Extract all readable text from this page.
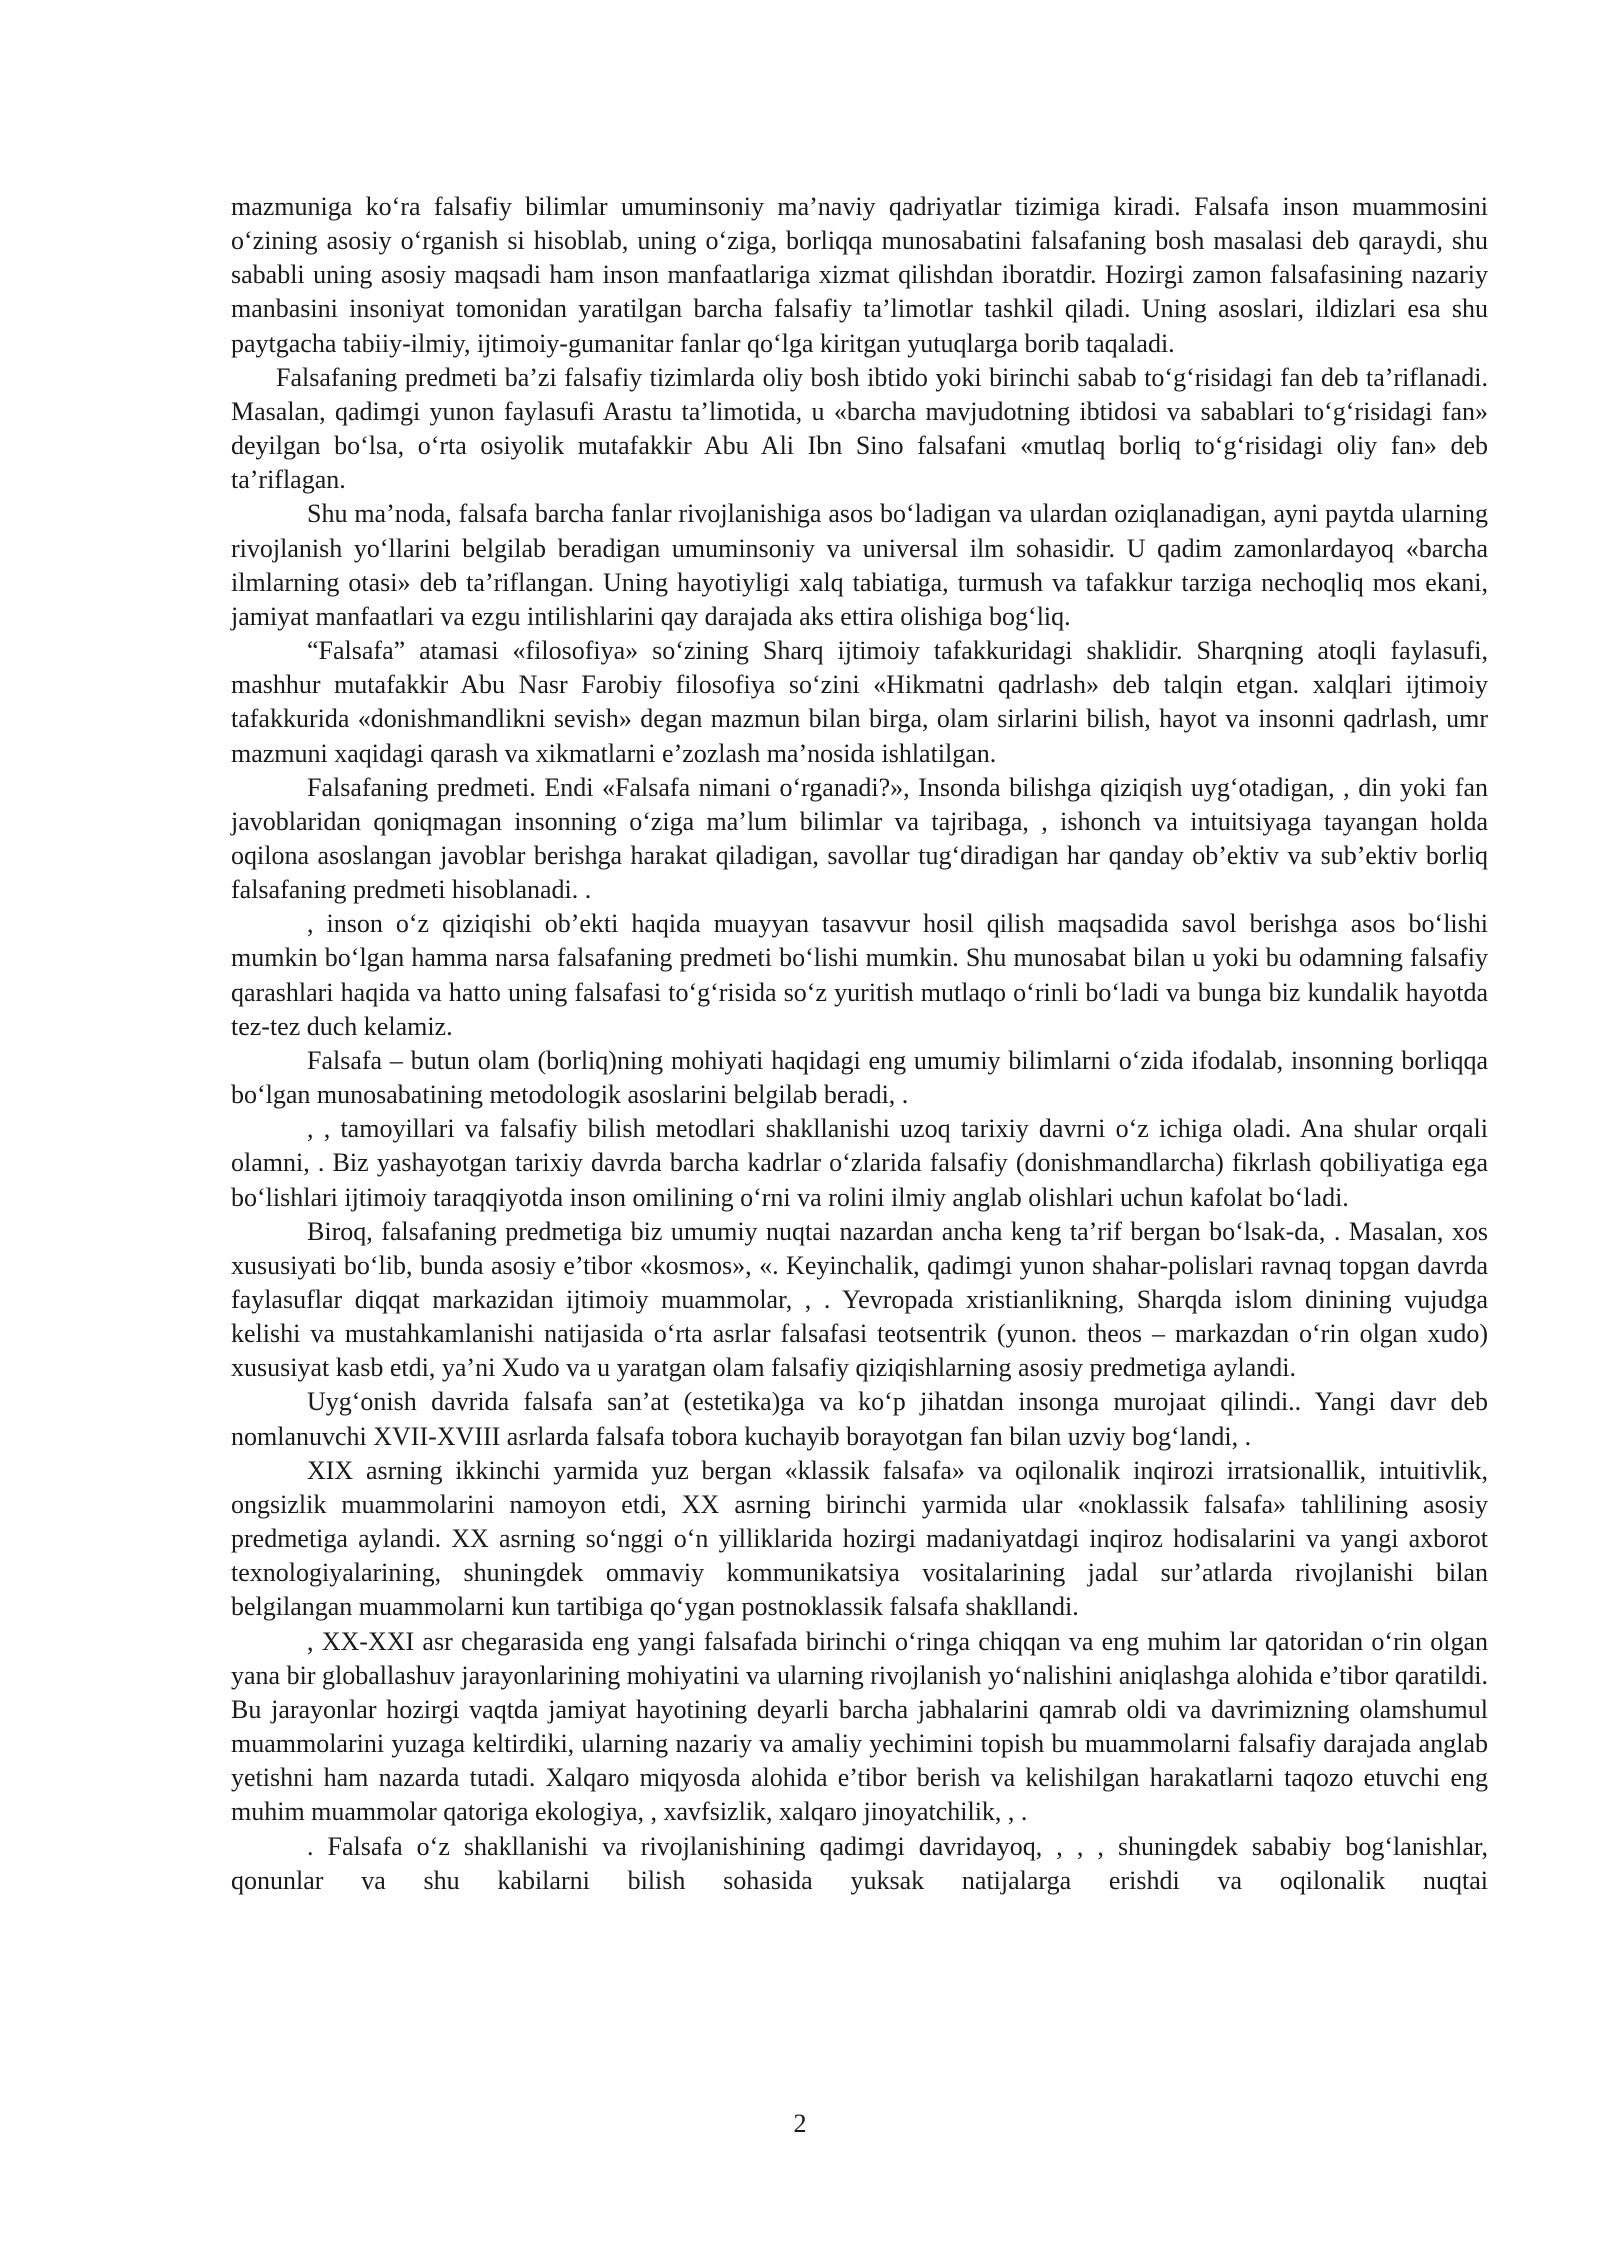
mazmuniga ko‘ra falsafiy bilimlar umuminsoniy ma’naviy qadriyatlar tizimiga kiradi. Falsafa inson muammosini o‘zining asosiy o‘rganish si hisoblab, uning o‘ziga, borliqqa munosabatini falsafaning bosh masalasi deb qaraydi, shu sababli uning asosiy maqsadi ham inson manfaatlariga xizmat qilishdan iboratdir. Hozirgi zamon falsafasining nazariy manbasini insoniyat tomonidan yaratilgan barcha falsafiy ta’limotlar tashkil qiladi. Uning asoslari, ildizlari esa shu paytgacha tabiiy-ilmiy, ijtimoiy-gumanitar fanlar qo‘lga kiritgan yutuqlarga borib taqaladi.

Falsafaning predmeti ba’zi falsafiy tizimlarda oliy bosh ibtido yoki birinchi sabab to‘g‘risidagi fan deb ta’riflanadi. Masalan, qadimgi yunon faylasufi Arastu ta’limotida, u «barcha mavjudotning ibtidosi va sabablari to‘g‘risidagi fan» deyilgan bo‘lsa, o‘rta osiyolik mutafakkir Abu Ali Ibn Sino falsafani «mutlaq borliq to‘g‘risidagi oliy fan» deb ta’riflagan.

Shu ma’noda, falsafa barcha fanlar rivojlanishiga asos bo‘ladigan va ulardan oziqlanadigan, ayni paytda ularning rivojlanish yo‘llarini belgilab beradigan umuminsoniy va universal ilm sohasidir. U qadim zamonlardayoq «barcha ilmlarning otasi» deb ta’riflangan. Uning hayotiyligi xalq tabiatiga, turmush va tafakkur tarziga nechoqliq mos ekani, jamiyat manfaatlari va ezgu intilishlarini qay darajada aks ettira olishiga bog‘liq.

“Falsafa” atamasi «filosofiya» so‘zining Sharq ijtimoiy tafakkuridagi shaklidir. Sharqning atoqli faylasufi, mashhur mutafakkir Abu Nasr Farobiy filosofiya so‘zini «Hikmatni qadrlash» deb talqin etgan. xalqlari ijtimoiy tafakkurida «donishmandlikni sevish» degan mazmun bilan birga, olam sirlarini bilish, hayot va insonni qadrlash, umr mazmuni xaqidagi qarash va xikmatlarni e’zozlash ma’nosida ishlatilgan.

Falsafaning predmeti. Endi «Falsafa nimani o‘rganadi?», Insonda bilishga qiziqish uyg‘otadigan, , din yoki fan javoblaridan qoniqmagan insonning o‘ziga ma’lum bilimlar va tajribaga, , ishonch va intuitsiyaga tayangan holda oqilona asoslangan javoblar berishga harakat qiladigan, savollar tug‘diradigan har qanday ob’ektiv va sub’ektiv borliq falsafaning predmeti hisoblanadi. .

, inson o‘z qiziqishi ob’ekti haqida muayyan tasavvur hosil qilish maqsadida savol berishga asos bo‘lishi mumkin bo‘lgan hamma narsa falsafaning predmeti bo‘lishi mumkin. Shu munosabat bilan u yoki bu odamning falsafiy qarashlari haqida va hatto uning falsafasi to‘g‘risida so‘z yuritish mutlaqo o‘rinli bo‘ladi va bunga biz kundalik hayotda tez-tez duch kelamiz.

Falsafa – butun olam (borliq)ning mohiyati haqidagi eng umumiy bilimlarni o‘zida ifodalab, insonning borliqqa bo‘lgan munosabatining metodologik asoslarini belgilab beradi, .

, , tamoyillari va falsafiy bilish metodlari shakllanishi uzoq tarixiy davrni o‘z ichiga oladi. Ana shular orqali olamni, . Biz yashayotgan tarixiy davrda barcha kadrlar o‘zlarida falsafiy (donishmandlarcha) fikrlash qobiliyatiga ega bo‘lishlari ijtimoiy taraqqiyotda inson omilining o‘rni va rolini ilmiy anglab olishlari uchun kafolat bo‘ladi.

Biroq, falsafaning predmetiga biz umumiy nuqtai nazardan ancha keng ta’rif bergan bo‘lsak-da, . Masalan, xos xususiyati bo‘lib, bunda asosiy e’tibor «kosmos», «. Keyinchalik, qadimgi yunon shahar-polislari ravnaq topgan davrda faylasuflar diqqat markazidan ijtimoiy muammolar, , . Yevropada xristianlikning, Sharqda islom dinining vujudga kelishi va mustahkamlanishi natijasida o‘rta asrlar falsafasi teotsentrik (yunon. theos – markazdan o‘rin olgan xudo) xususiyat kasb etdi, ya’ni Xudo va u yaratgan olam falsafiy qiziqishlarning asosiy predmetiga aylandi.

Uyg‘onish davrida falsafa san’at (estetika)ga va ko‘p jihatdan insonga murojaat qilindi.. Yangi davr deb nomlanuvchi XVII-XVIII asrlarda falsafa tobora kuchayib borayotgan fan bilan uzviy bog‘landi, .

XIX asrning ikkinchi yarmida yuz bergan «klassik falsafa» va oqilonalik inqirozi irratsionallik, intuitivlik, ongsizlik muammolarini namoyon etdi, XX asrning birinchi yarmida ular «noklassik falsafa» tahlilining asosiy predmetiga aylandi. XX asrning so‘nggi o‘n yilliklarida hozirgi madaniyatdagi inqiroz hodisalarini va yangi axborot texnologiyalarining, shuningdek ommaviy kommunikatsiya vositalarining jadal sur’atlarda rivojlanishi bilan belgilangan muammolarni kun tartibiga qo‘ygan postnoklassik falsafa shakllandi.

, XX-XXI asr chegarasida eng yangi falsafada birinchi o‘ringa chiqqan va eng muhim lar qatoridan o‘rin olgan yana bir globallashuv jarayonlarining mohiyatini va ularning rivojlanish yo‘nalishini aniqlashga alohida e’tibor qaratildi. Bu jarayonlar hozirgi vaqtda jamiyat hayotining deyarli barcha jabhalarini qamrab oldi va davrimizning olamshumul muammolarini yuzaga keltirdiki, ularning nazariy va amaliy yechimini topish bu muammolarni falsafiy darajada anglab yetishni ham nazarda tutadi. Xalqaro miqyosda alohida e’tibor berish va kelishilgan harakatlarni taqozo etuvchi eng muhim muammolar qatoriga ekologiya, , xavfsizlik, xalqaro jinoyatchilik, , .

. Falsafa o‘z shakllanishi va rivojlanishining qadimgi davridayoq, , , , shuningdek sababiy bog‘lanishlar, qonunlar va shu kabilarni bilish sohasida yuksak natijalarga erishdi va oqilonalik nuqtai

2
